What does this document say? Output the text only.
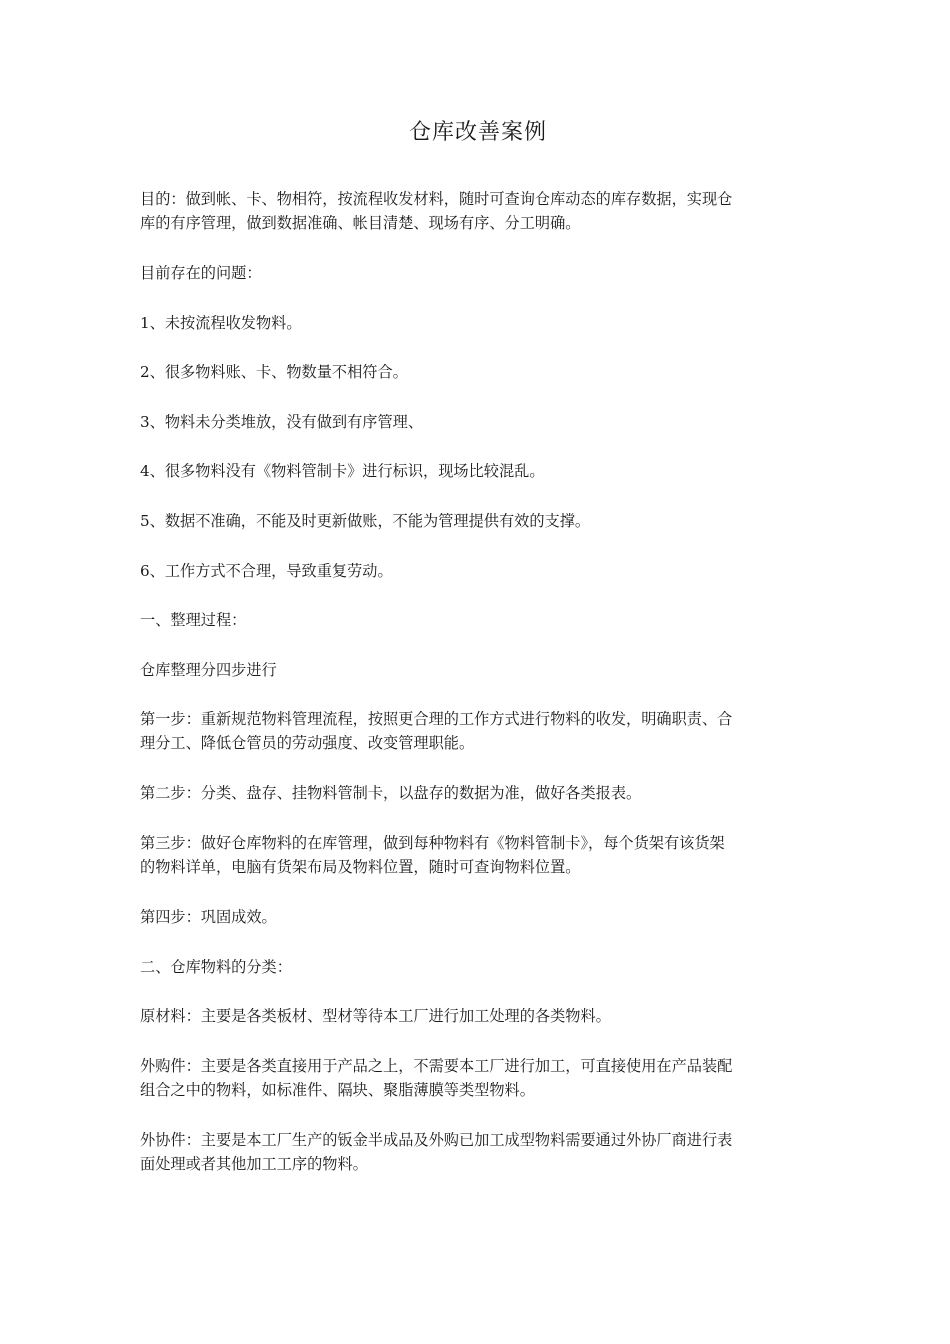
仓库改善案例

目的：做到帐、卡、物相符，按流程收发材料，随时可查询仓库动态的库存数据，实现仓
库的有序管理，做到数据准确、帐目清楚、现场有序、分工明确。

目前存在的问题：

1、未按流程收发物料。

2、很多物料账、卡、物数量不相符合。

3、物料未分类堆放，没有做到有序管理、

4、很多物料没有《物料管制卡》进行标识，现场比较混乱。

5、数据不准确，不能及时更新做账，不能为管理提供有效的支撑。

6、工作方式不合理，导致重复劳动。

一、整理过程：

仓库整理分四步进行

第一步：重新规范物料管理流程，按照更合理的工作方式进行物料的收发，明确职责、合
理分工、降低仓管员的劳动强度、改变管理职能。

第二步：分类、盘存、挂物料管制卡，以盘存的数据为准，做好各类报表。

第三步：做好仓库物料的在库管理，做到每种物料有《物料管制卡》，每个货架有该货架
的物料详单，电脑有货架布局及物料位置，随时可查询物料位置。

第四步：巩固成效。

二、仓库物料的分类：

原材料：主要是各类板材、型材等待本工厂进行加工处理的各类物料。

外购件：主要是各类直接用于产品之上，不需要本工厂进行加工，可直接使用在产品装配
组合之中的物料，如标准件、隔块、聚脂薄膜等类型物料。

外协件：主要是本工厂生产的钣金半成品及外购已加工成型物料需要通过外协厂商进行表
面处理或者其他加工工序的物料。
